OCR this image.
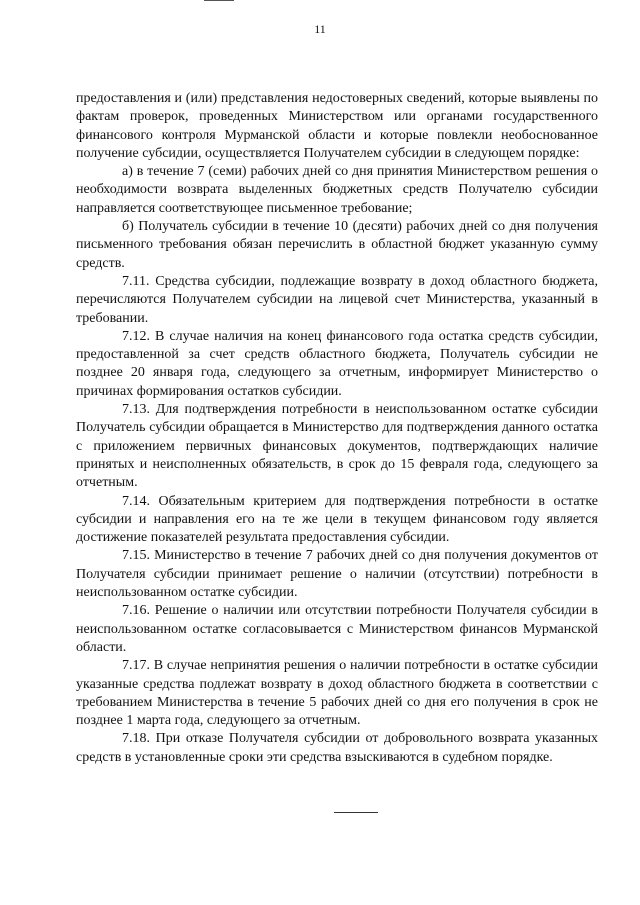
11

предоставления и (или) представления недостоверных сведений, которые выявлены по фактам проверок, проведенных Министерством или органами государственного финансового контроля Мурманской области и которые повлекли необоснованное получение субсидии, осуществляется Получателем субсидии в следующем порядке:

а) в течение 7 (семи) рабочих дней со дня принятия Министерством решения о необходимости возврата выделенных бюджетных средств Получателю субсидии направляется соответствующее письменное требование;

б) Получатель субсидии в течение 10 (десяти) рабочих дней со дня получения письменного требования обязан перечислить в областной бюджет указанную сумму средств.

7.11. Средства субсидии, подлежащие возврату в доход областного бюджета, перечисляются Получателем субсидии на лицевой счет Министерства, указанный в требовании.

7.12. В случае наличия на конец финансового года остатка средств субсидии, предоставленной за счет средств областного бюджета, Получатель субсидии не позднее 20 января года, следующего за отчетным, информирует Министерство о причинах формирования остатков субсидии.

7.13. Для подтверждения потребности в неиспользованном остатке субсидии Получатель субсидии обращается в Министерство для подтверждения данного остатка с приложением первичных финансовых документов, подтверждающих наличие принятых и неисполненных обязательств, в срок до 15 февраля года, следующего за отчетным.

7.14. Обязательным критерием для подтверждения потребности в остатке субсидии и направления его на те же цели в текущем финансовом году является достижение показателей результата предоставления субсидии.

7.15. Министерство в течение 7 рабочих дней со дня получения документов от Получателя субсидии принимает решение о наличии (отсутствии) потребности в неиспользованном остатке субсидии.

7.16. Решение о наличии или отсутствии потребности Получателя субсидии в неиспользованном остатке согласовывается с Министерством финансов Мурманской области.

7.17. В случае непринятия решения о наличии потребности в остатке субсидии указанные средства подлежат возврату в доход областного бюджета в соответствии с требованием Министерства в течение 5 рабочих дней со дня его получения в срок не позднее 1 марта года, следующего за отчетным.

7.18. При отказе Получателя субсидии от добровольного возврата указанных средств в установленные сроки эти средства взыскиваются в судебном порядке.
